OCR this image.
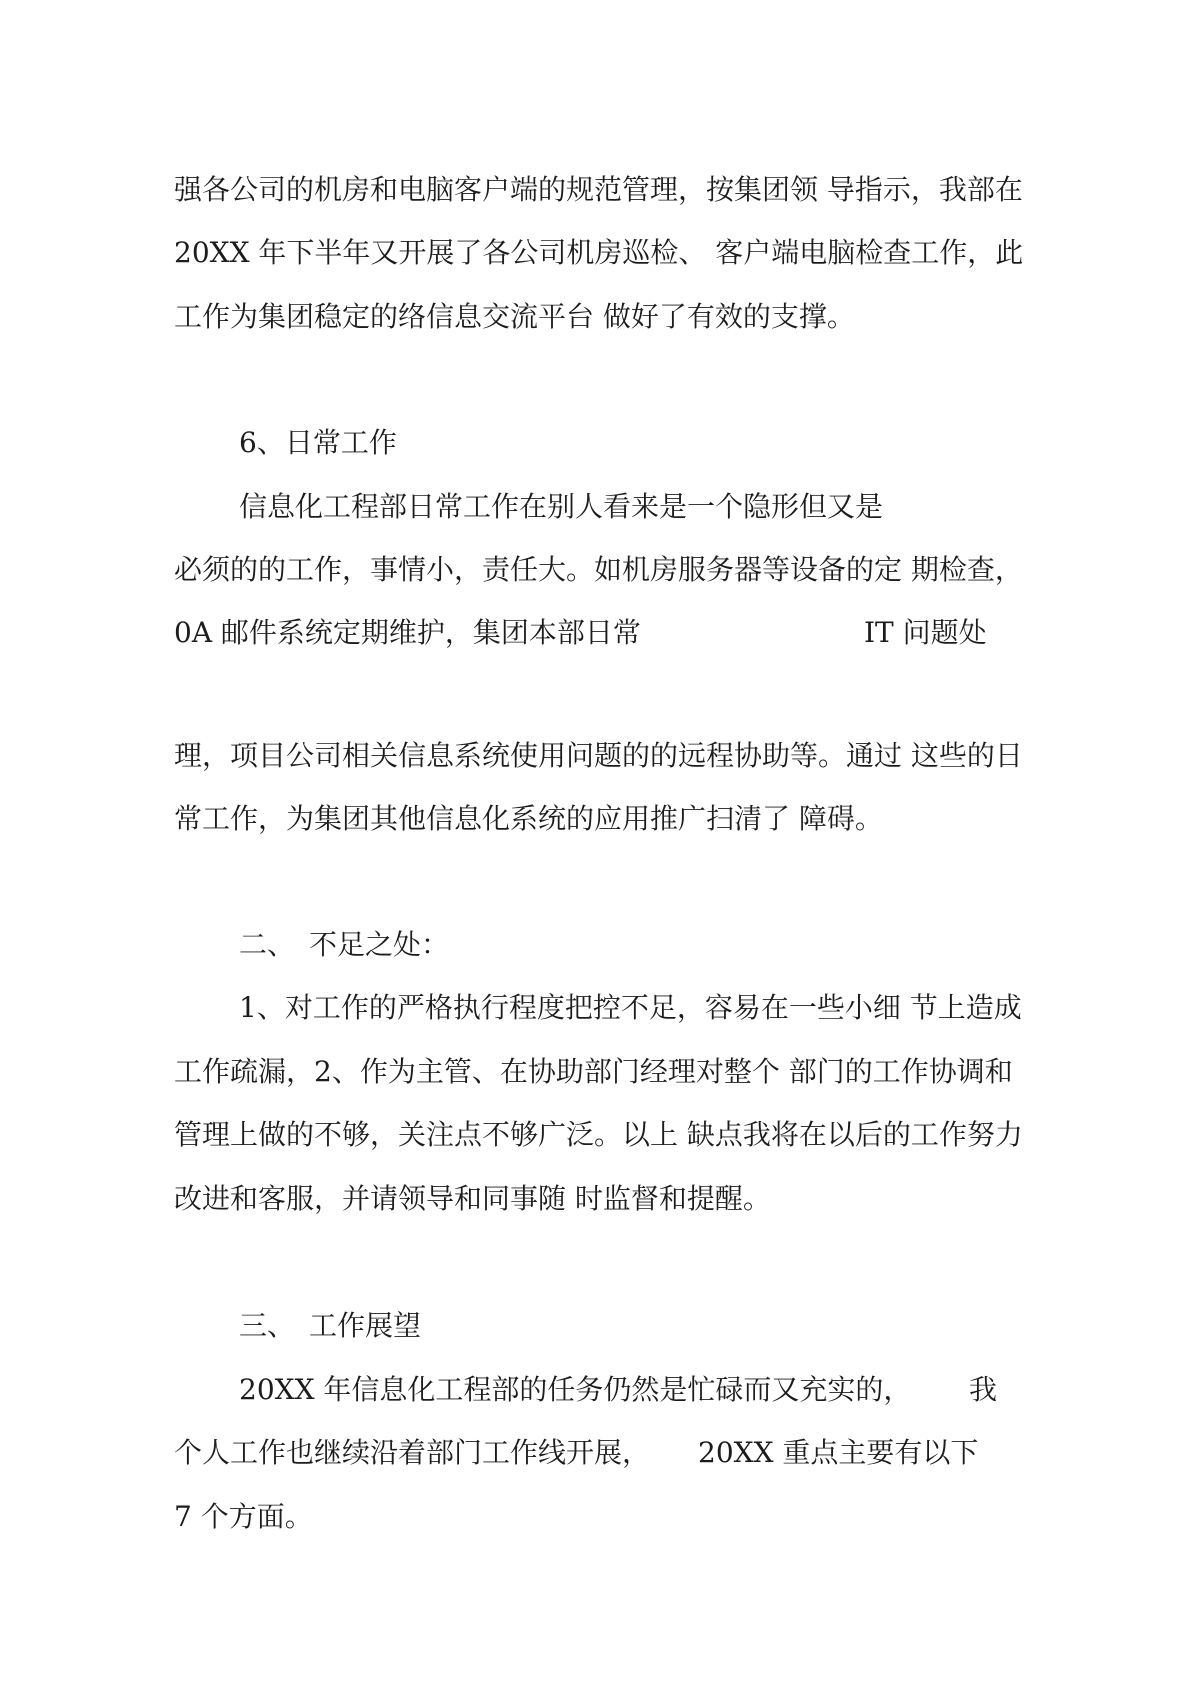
强各公司的机房和电脑客户端的规范管理，按集团领 导指示，我部在
20XX 年下半年又开展了各公司机房巡检、 客户端电脑检查工作，此
工作为集团稳定的络信息交流平台 做好了有效的支撑。
6、日常工作
信息化工程部日常工作在别人看来是一个隐形但又是
必须的的工作，事情小，责任大。如机房服务器等设备的定 期检查，
0A 邮件系统定期维护，集团本部日常	IT 问题处
理，项目公司相关信息系统使用问题的的远程协助等。通过 这些的日
常工作，为集团其他信息化系统的应用推广扫清了 障碍。
二、 不足之处：
1、对工作的严格执行程度把控不足，容易在一些小细 节上造成
工作疏漏，2、作为主管、在协助部门经理对整个 部门的工作协调和
管理上做的不够，关注点不够广泛。以上 缺点我将在以后的工作努力
改进和客服，并请领导和同事随 时监督和提醒。
三、 工作展望
20XX 年信息化工程部的任务仍然是忙碌而又充实的， 我
个人工作也继续沿着部门工作线开展， 20XX 重点主要有以下
7 个方面。
